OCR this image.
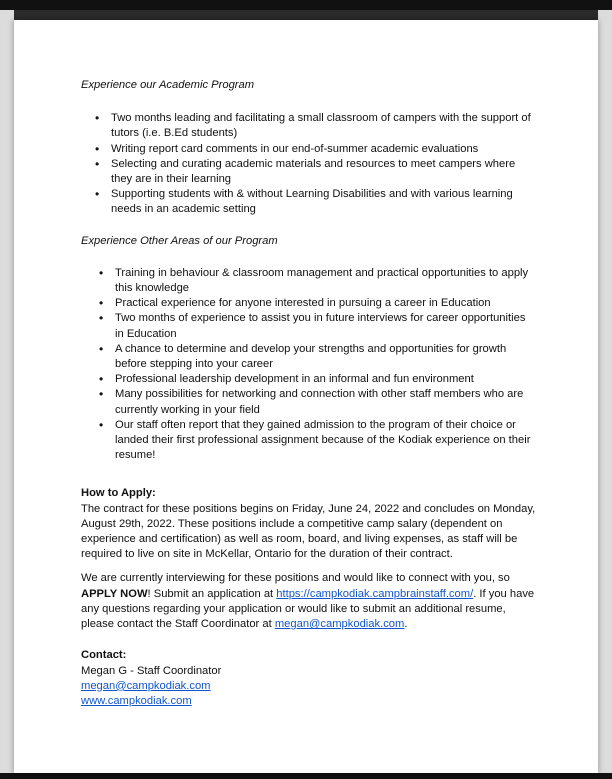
Experience our Academic Program

• Two months leading and facilitating a small classroom of campers with the support of tutors (i.e. B.Ed students)
• Writing report card comments in our end-of-summer academic evaluations
• Selecting and curating academic materials and resources to meet campers where they are in their learning
• Supporting students with & without Learning Disabilities and with various learning needs in an academic setting

Experience Other Areas of our Program

• Training in behaviour & classroom management and practical opportunities to apply this knowledge
• Practical experience for anyone interested in pursuing a career in Education
• Two months of experience to assist you in future interviews for career opportunities in Education
• A chance to determine and develop your strengths and opportunities for growth before stepping into your career
• Professional leadership development in an informal and fun environment
• Many possibilities for networking and connection with other staff members who are currently working in your field
• Our staff often report that they gained admission to the program of their choice or landed their first professional assignment because of the Kodiak experience on their resume!

How to Apply:

The contract for these positions begins on Friday, June 24, 2022 and concludes on Monday, August 29th, 2022. These positions include a competitive camp salary (dependent on experience and certification) as well as room, board, and living expenses, as staff will be required to live on site in McKellar, Ontario for the duration of their contract.

We are currently interviewing for these positions and would like to connect with you, so APPLY NOW! Submit an application at https://campkodiak.campbrainstaff.com/. If you have any questions regarding your application or would like to submit an additional resume, please contact the Staff Coordinator at megan@campkodiak.com.

Contact:

Megan G - Staff Coordinator

megan@campkodiak.com

www.campkodiak.com
